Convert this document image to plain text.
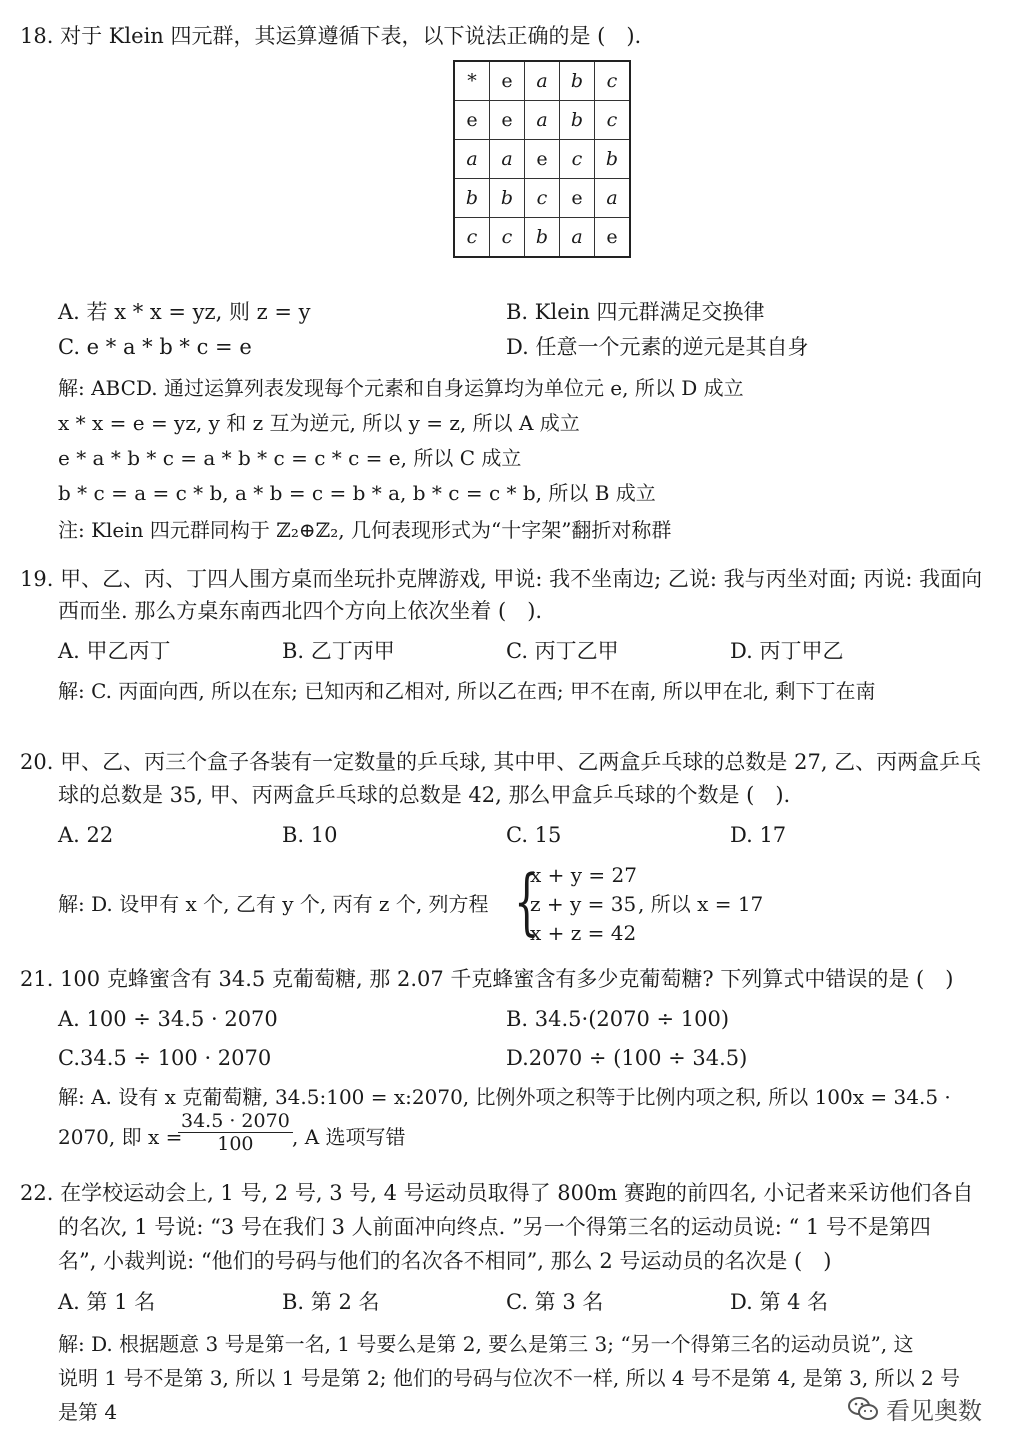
18. 对于 Klein 四元群，其运算遵循下表，以下说法正确的是 (　).
*	e	a	b	c
e	e	a	b	c
a	a	e	c	b
b	b	c	e	a
c	c	b	a	e
A. 若 x * x = yz, 则 z = y	B. Klein 四元群满足交换律
C. e * a * b * c = e	D. 任意一个元素的逆元是其自身
解: ABCD. 通过运算列表发现每个元素和自身运算均为单位元 e, 所以 D 成立
x * x = e = yz, y 和 z 互为逆元, 所以 y = z, 所以 A 成立
e * a * b * c = a * b * c = c * c = e, 所以 C 成立
b * c = a = c * b, a * b = c = b * a, b * c = c * b, 所以 B 成立
注: Klein 四元群同构于 ℤ₂⊕ℤ₂, 几何表现形式为“十字架”翻折对称群
19. 甲、乙、丙、丁四人围方桌而坐玩扑克牌游戏, 甲说: 我不坐南边; 乙说: 我与丙坐对面; 丙说: 我面向
西而坐. 那么方桌东南西北四个方向上依次坐着 (　).
A. 甲乙丙丁	B. 乙丁丙甲	C. 丙丁乙甲	D. 丙丁甲乙
解: C. 丙面向西, 所以在东; 已知丙和乙相对, 所以乙在西; 甲不在南, 所以甲在北, 剩下丁在南
20. 甲、乙、丙三个盒子各装有一定数量的乒乓球, 其中甲、乙两盒乒乓球的总数是 27, 乙、丙两盒乒乓
球的总数是 35, 甲、丙两盒乒乓球的总数是 42, 那么甲盒乒乓球的个数是 (　).
A. 22	B. 10	C. 15	D. 17
解: D. 设甲有 x 个, 乙有 y 个, 丙有 z 个, 列方程 {
x + y = 27
z + y = 35
x + z = 42
, 所以 x = 17
21. 100 克蜂蜜含有 34.5 克葡萄糖, 那 2.07 千克蜂蜜含有多少克葡萄糖? 下列算式中错误的是 (　)
A. 100 ÷ 34.5 · 2070	B. 34.5·(2070 ÷ 100)
C.34.5 ÷ 100 · 2070	D.2070 ÷ (100 ÷ 34.5)
解: A. 设有 x 克葡萄糖, 34.5:100 = x:2070, 比例外项之积等于比例内项之积, 所以 100x = 34.5 ·
2070, 即 x =
$\frac{34.5 \cdot 2070}{100}$ , A 选项写错
22. 在学校运动会上, 1 号, 2 号, 3 号, 4 号运动员取得了 800m 赛跑的前四名, 小记者来采访他们各自
的名次, 1 号说: “3 号在我们 3 人前面冲向终点. ”另一个得第三名的运动员说: “ 1 号不是第四
名”, 小裁判说: “他们的号码与他们的名次各不相同”, 那么 2 号运动员的名次是 (　)
A. 第 1 名	B. 第 2 名	C. 第 3 名	D. 第 4 名
解: D. 根据题意 3 号是第一名, 1 号要么是第 2, 要么是第三 3; “另一个得第三名的运动员说”, 这
说明 1 号不是第 3, 所以 1 号是第 2; 他们的号码与位次不一样, 所以 4 号不是第 4, 是第 3, 所以 2 号
是第 4	看见奥数
